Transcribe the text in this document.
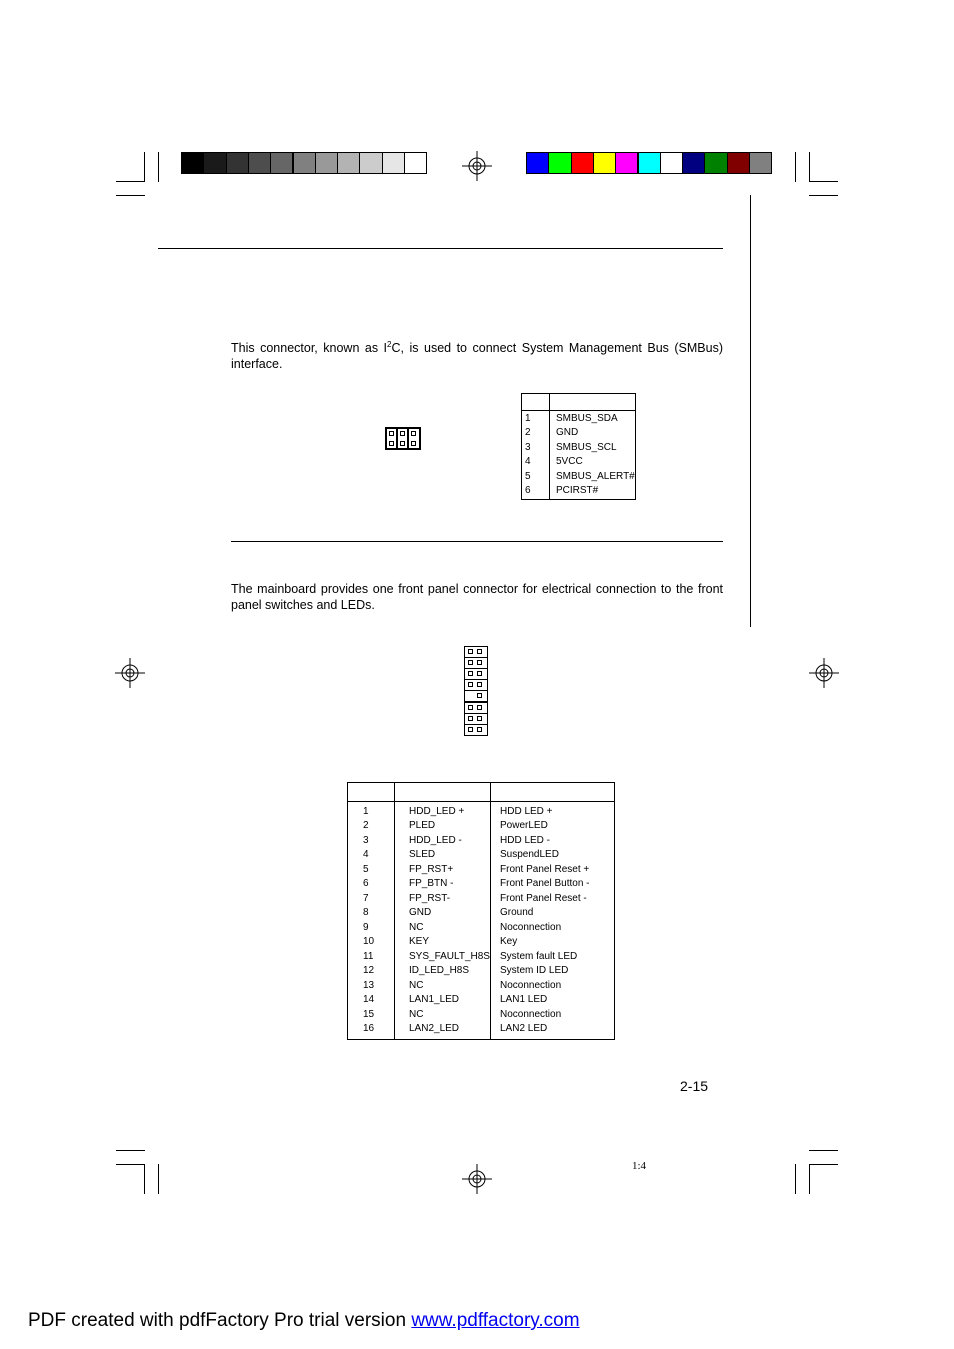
This connector, known as $I^2C$, is used to connect System Management Bus (SMBus) interface.
1	SMBUS_SDA
2	GND
3	SMBUS_SCL
4	5VCC
5	SMBUS_ALERT#
6	PCIRST#
The mainboard provides one front panel connector for electrical connection to the front panel switches and LEDs.
1	HDD_LED +	HDD LED +
2	PLED	PowerLED
3	HDD_LED -	HDD LED -
4	SLED	SuspendLED
5	FP_RST+	Front Panel Reset +
6	FP_BTN -	Front Panel Button -
7	FP_RST-	Front Panel Reset -
8	GND	Ground
9	NC	Noconnection
10	KEY	Key
11	SYS_FAULT_H8S	System fault LED
12	ID_LED_H8S	System ID LED
13	NC	Noconnection
14	LAN1_LED	LAN1 LED
15	NC	Noconnection
16	LAN2_LED	LAN2 LED
2-15
1:4
PDF created with pdfFactory Pro trial version www.pdffactory.com
